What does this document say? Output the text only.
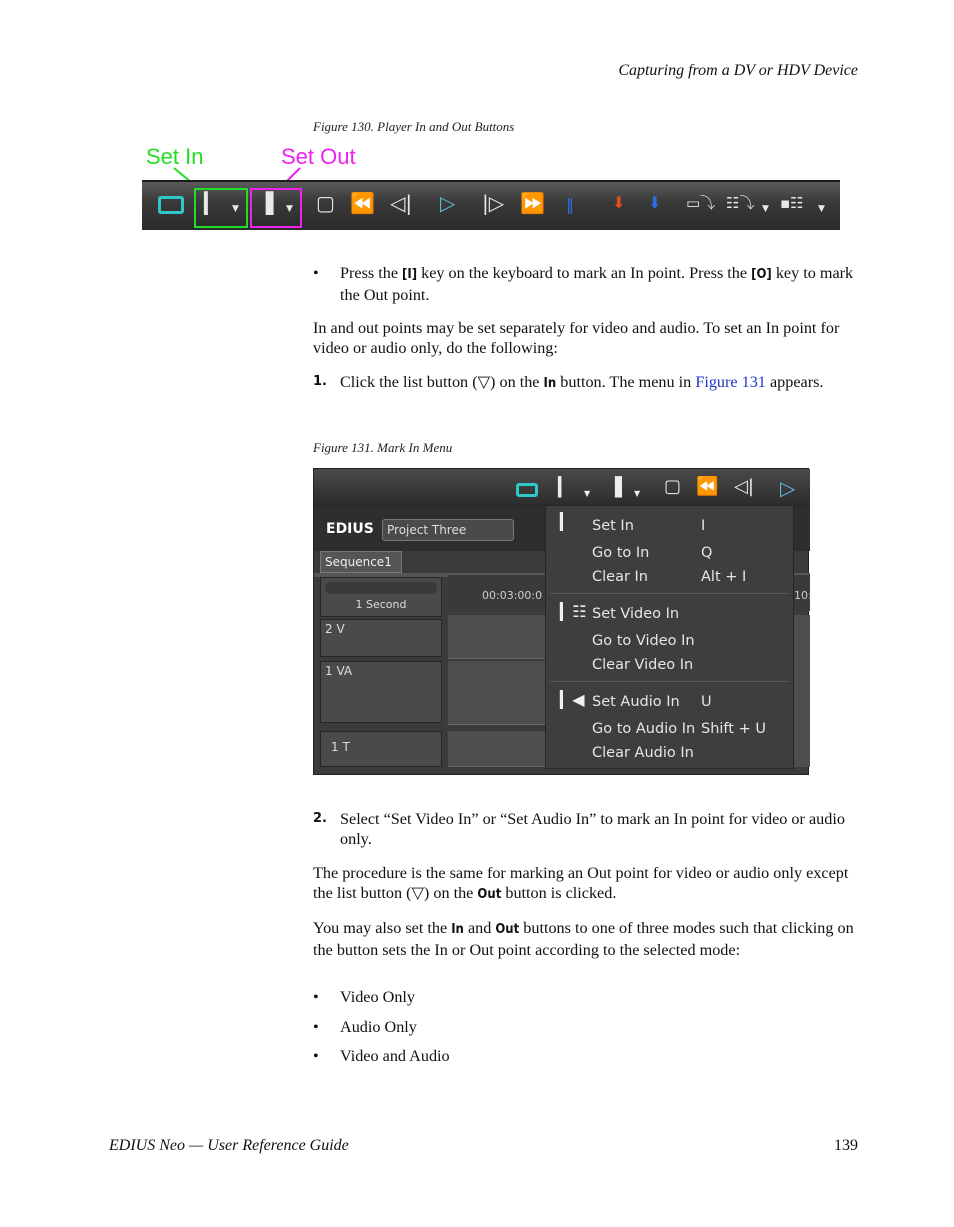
Capturing from a DV or HDV Device
Figure 130. Player In and Out Buttons
Set In	Set Out
▎ ▼ ▐ ▼ ▢ ⏪ ◁| ▷ |▷ ⏩ ‖ ⬇ ⬇ ▭⤵ ☷⤵ ▼ ▪☷ ▼
•	Press the [I] key on the keyboard to mark an In point. Press the [O] key to mark the Out point.
In and out points may be set separately for video and audio. To set an In point for video or audio only, do the following:
1. Click the list button (▽) on the In button. The menu in Figure 131 appears.
Figure 131. Mark In Menu
▎ ▼ ▐ ▼ ▢ ⏪ ◁| ▷
EDIUS	Project Three
Sequence1
1 Second
2 V
1 VA
1 T
00:03:00:0	10:
▎ Set In	I
Go to In	Q
Clear In	Alt + I
▎☷ Set Video In
Go to Video In
Clear Video In
▎◀ Set Audio In U
Go to Audio In Shift + U
Clear Audio In
2. Select “Set Video In” or “Set Audio In” to mark an In point for video or audio only.
The procedure is the same for marking an Out point for video or audio only except the list button (▽) on the Out button is clicked.
You may also set the In and Out buttons to one of three modes such that clicking on the button sets the In or Out point according to the selected mode:
•	Video Only
•	Audio Only
•	Video and Audio
EDIUS Neo — User Reference Guide	139
